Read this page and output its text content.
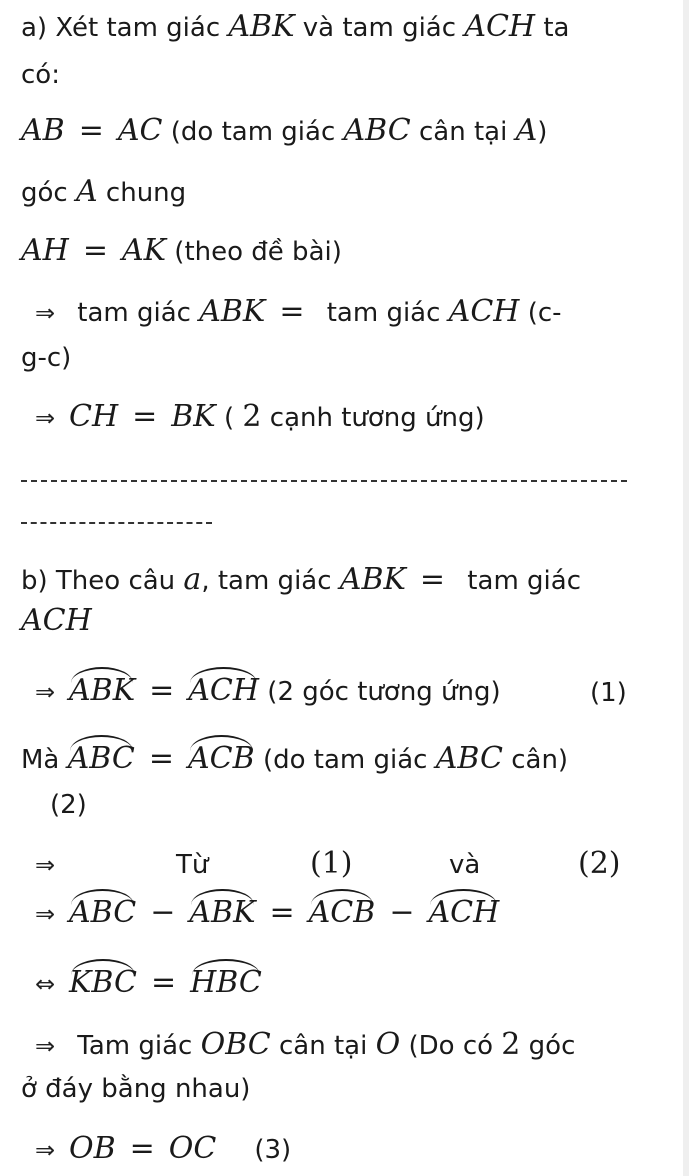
a) Xét tam giác ABK và tam giác ACH ta
có:
AB = AC (do tam giác ABC cân tại A)
góc A chung
AH = AK (theo đề bài)
⇒ tam giác ABK = tam giác ACH (c-
g-c)
⇒ CH = BK ( 2 cạnh tương ứng)
b) Theo câu a, tam giác ABK = tam giác
ACH
⇒ ABK = ACH (2 góc tương ứng)	(1)
Mà ABC = ACB (do tam giác ABC cân)
(2)
⇒	Từ	(1)	và	(2)
⇒ ABC − ABK = ACB − ACH
⇔ KBC = HBC
⇒ Tam giác OBC cân tại O (Do có 2 góc
ở đáy bằng nhau)
⇒ OB = OC (3)
